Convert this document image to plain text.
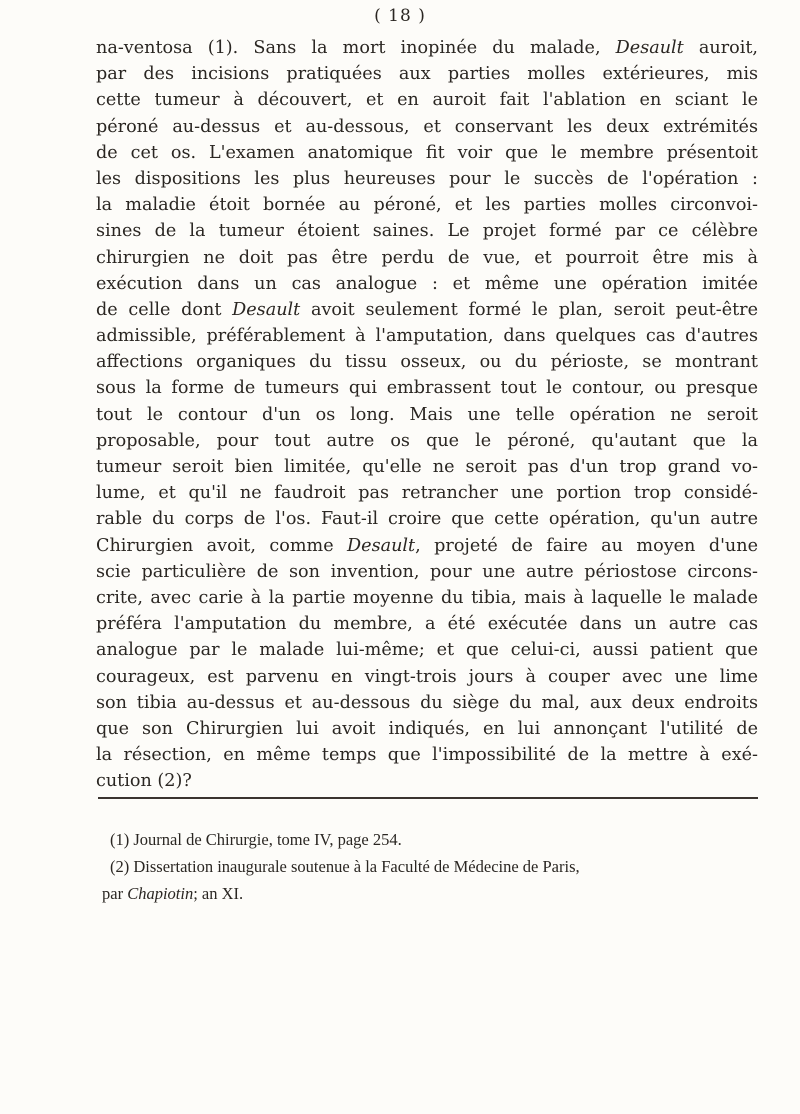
( 18 )
na-ventosa (1). Sans la mort inopinée du malade, Desault auroit,
par des incisions pratiquées aux parties molles extérieures, mis
cette tumeur à découvert, et en auroit fait l'ablation en sciant le
péroné au-dessus et au-dessous, et conservant les deux extrémités
de cet os. L'examen anatomique fit voir que le membre présentoit
les dispositions les plus heureuses pour le succès de l'opération :
la maladie étoit bornée au péroné, et les parties molles circonvoi-
sines de la tumeur étoient saines. Le projet formé par ce célèbre
chirurgien ne doit pas être perdu de vue, et pourroit être mis à
exécution dans un cas analogue : et même une opération imitée
de celle dont Desault avoit seulement formé le plan, seroit peut-être
admissible, préférablement à l'amputation, dans quelques cas d'autres
affections organiques du tissu osseux, ou du périoste, se montrant
sous la forme de tumeurs qui embrassent tout le contour, ou presque
tout le contour d'un os long. Mais une telle opération ne seroit
proposable, pour tout autre os que le péroné, qu'autant que la
tumeur seroit bien limitée, qu'elle ne seroit pas d'un trop grand vo-
lume, et qu'il ne faudroit pas retrancher une portion trop considé-
rable du corps de l'os. Faut-il croire que cette opération, qu'un autre
Chirurgien avoit, comme Desault, projeté de faire au moyen d'une
scie particulière de son invention, pour une autre périostose circons-
crite, avec carie à la partie moyenne du tibia, mais à laquelle le malade
préféra l'amputation du membre, a été exécutée dans un autre cas
analogue par le malade lui-même; et que celui-ci, aussi patient que
courageux, est parvenu en vingt-trois jours à couper avec une lime
son tibia au-dessus et au-dessous du siège du mal, aux deux endroits
que son Chirurgien lui avoit indiqués, en lui annonçant l'utilité de
la résection, en même temps que l'impossibilité de la mettre à exé-
cution (2)?
(1) Journal de Chirurgie, tome IV, page 254.
(2) Dissertation inaugurale soutenue à la Faculté de Médecine de Paris,
par Chapiotin; an XI.
